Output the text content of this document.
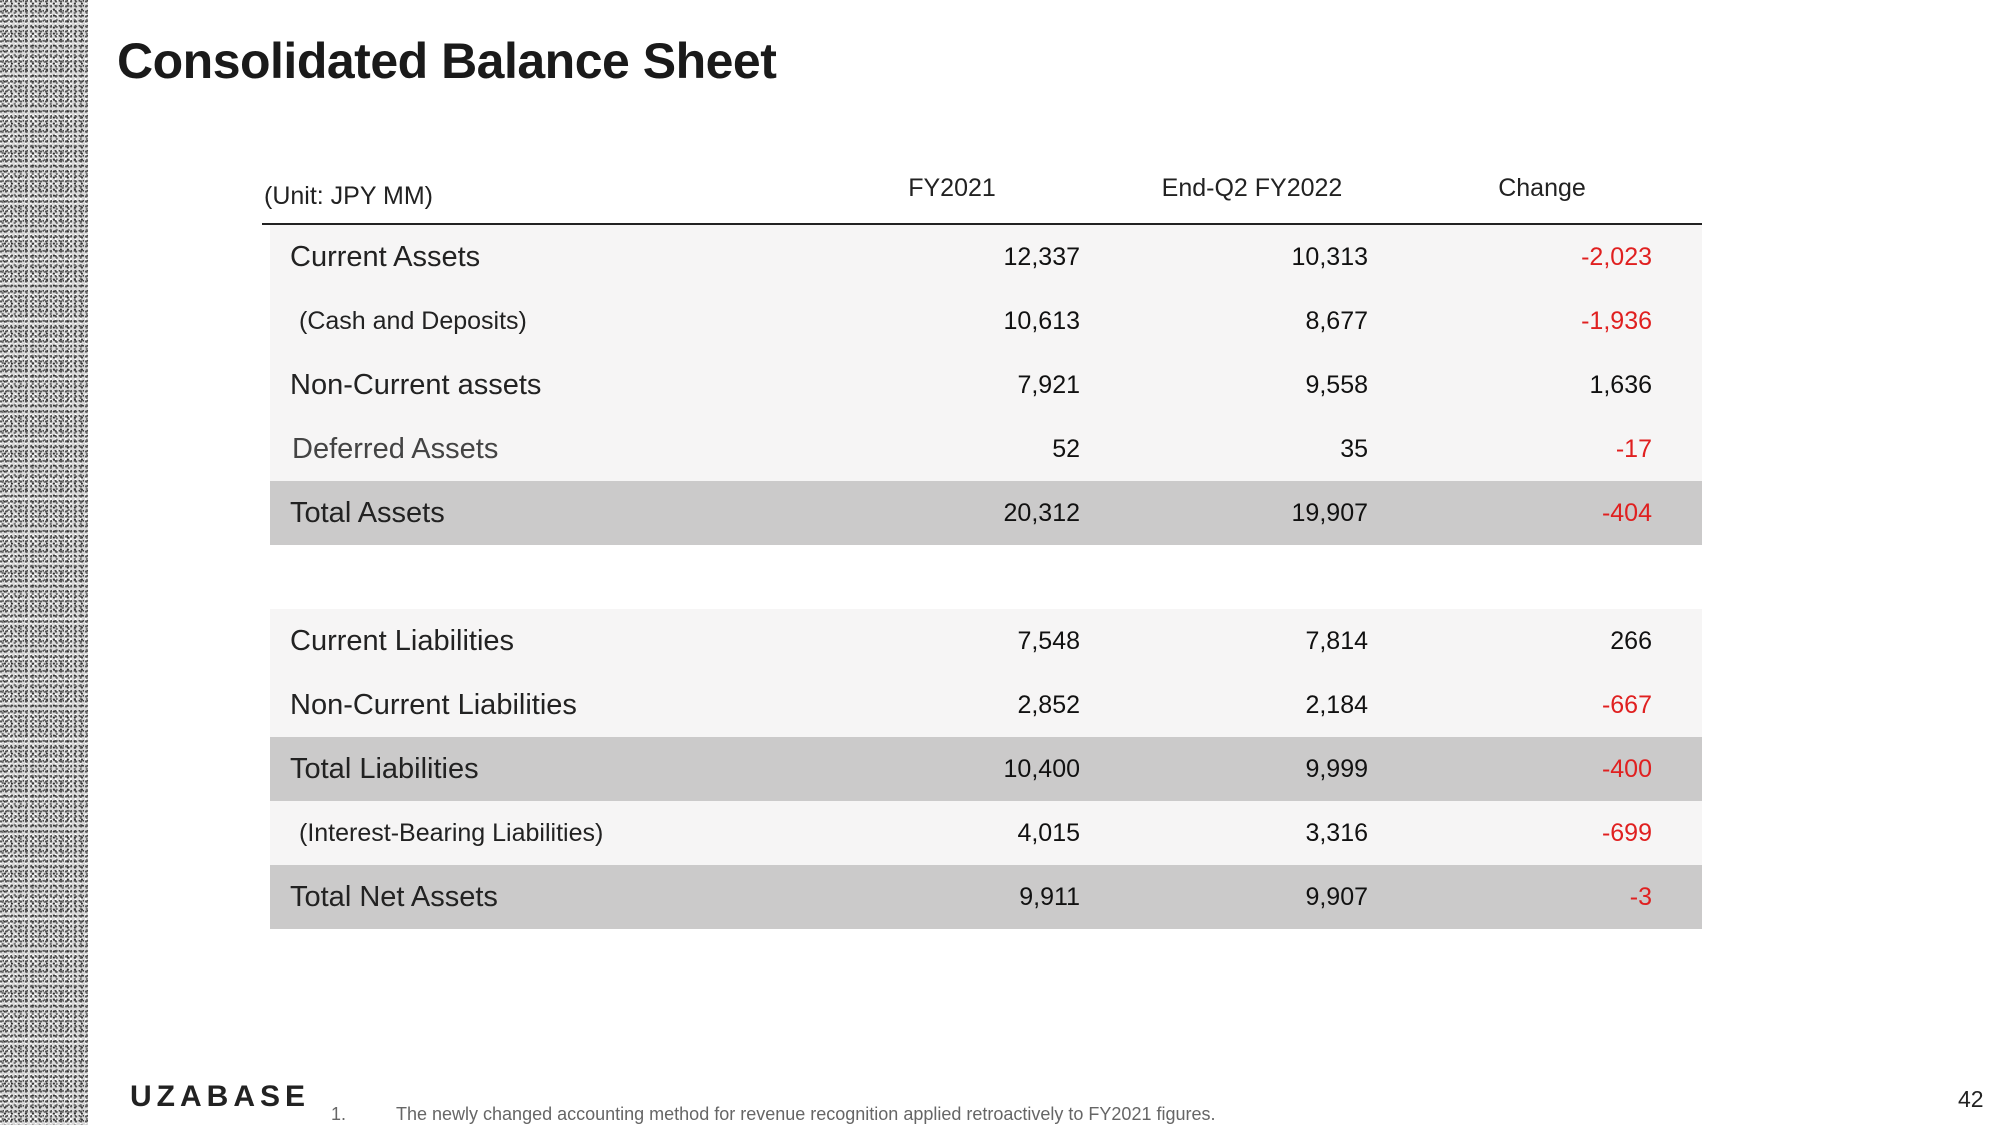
Consolidated Balance Sheet
(Unit: JPY MM)	FY2021	End-Q2 FY2022	Change
Current Assets	12,337	10,313	-2,023
(Cash and Deposits)	10,613	8,677	-1,936
Non-Current assets	7,921	9,558	1,636
Deferred Assets	52	35	-17
Total Assets	20,312	19,907	-404
Current Liabilities	7,548	7,814	266
Non-Current Liabilities	2,852	2,184	-667
Total Liabilities	10,400	9,999	-400
(Interest-Bearing Liabilities)	4,015	3,316	-699
Total Net Assets	9,911	9,907	-3
UZABASE
1.	The newly changed accounting method for revenue recognition applied retroactively to FY2021 figures.
42
